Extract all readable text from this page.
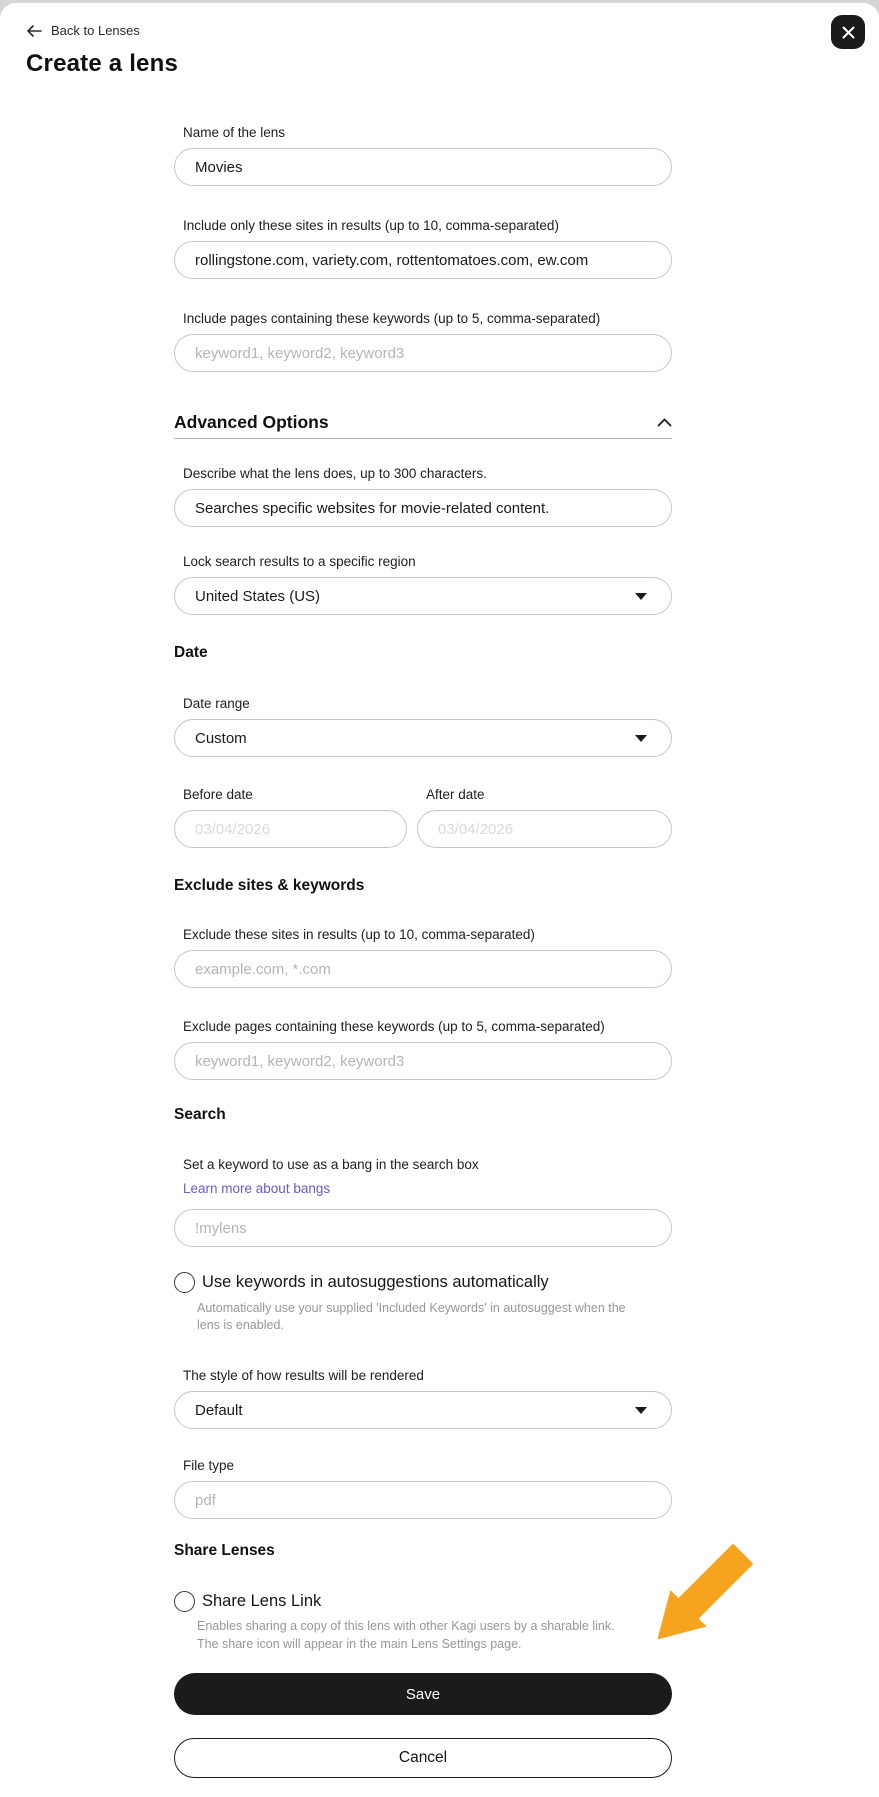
Back to Lenses
Create a lens
Name of the lens
Movies
Include only these sites in results (up to 10, comma-separated)
rollingstone.com, variety.com, rottentomatoes.com, ew.com
Include pages containing these keywords (up to 5, comma-separated)
keyword1, keyword2, keyword3
Advanced Options
Describe what the lens does, up to 300 characters.
Searches specific websites for movie-related content.
Lock search results to a specific region
United States (US)
Date
Date range
Custom
Before date
03/04/2026	After date
03/04/2026
Exclude sites & keywords
Exclude these sites in results (up to 10, comma-separated)
example.com, *.com
Exclude pages containing these keywords (up to 5, comma-separated)
keyword1, keyword2, keyword3
Search
Set a keyword to use as a bang in the search box
Learn more about bangs !mylens
Use keywords in autosuggestions automatically

Automatically use your supplied 'Included Keywords' in autosuggest when the lens is enabled.

The style of how results will be rendered
Default
File type
pdf
Share Lenses
Share Lens Link
Enables sharing a copy of this lens with other Kagi users by a sharable link.
The share icon will appear in the main Lens Settings page.
Save Cancel
